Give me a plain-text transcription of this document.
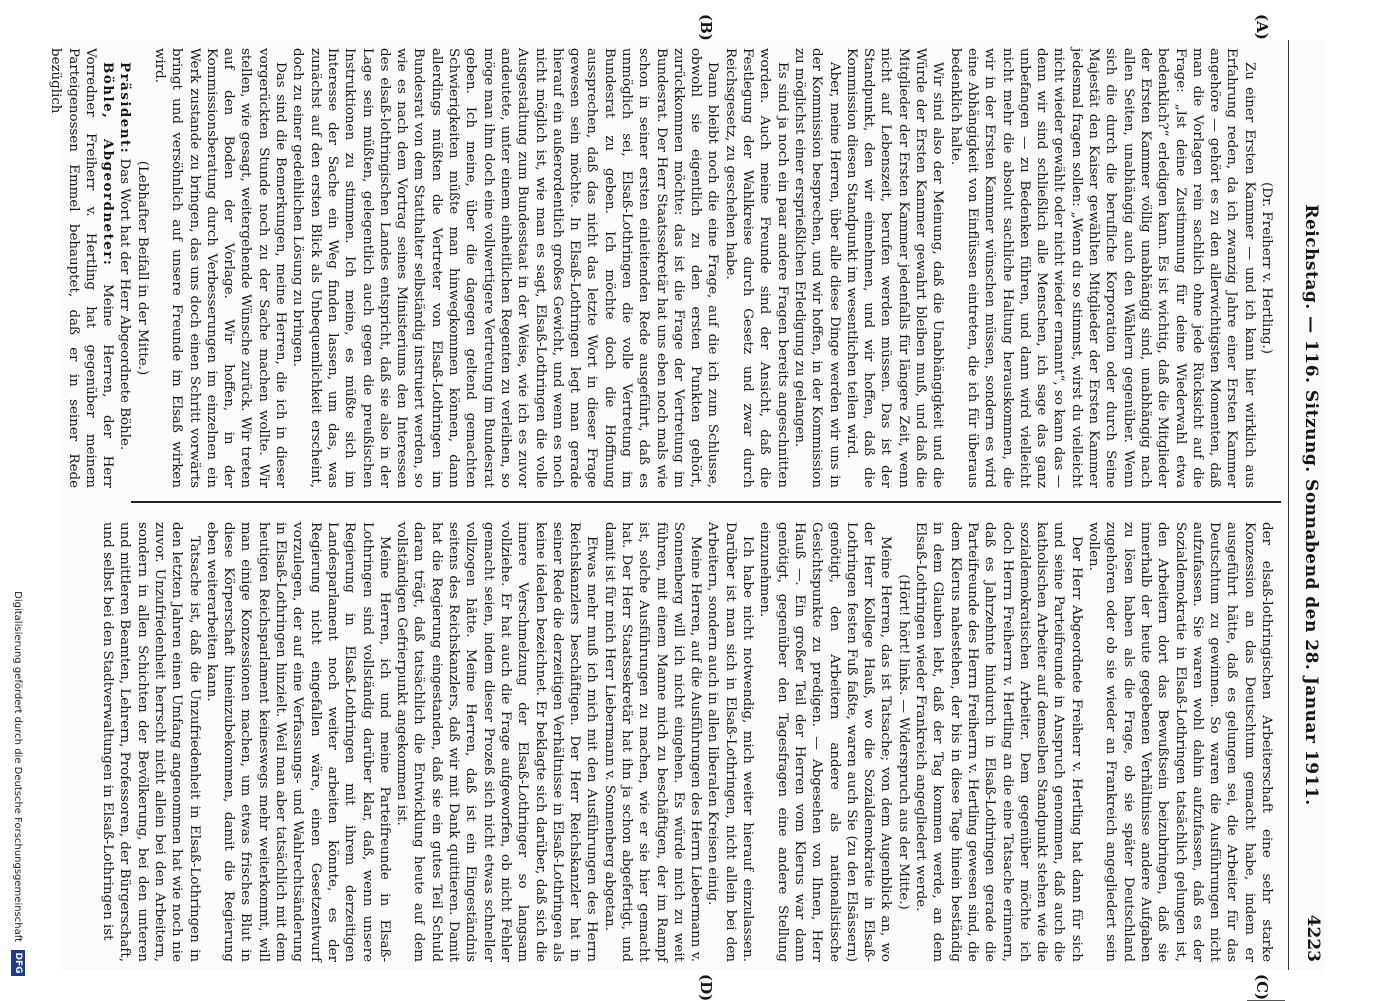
Reichstag. — 116. Sitzung. Sonnabend den 28. Januar 1911.
4223
(A)
(B)
(C)
(D)

(Dr. Freiherr v. Hertling.)

Zu einer Ersten Kammer — und ich kann hier wirklich aus Erfahrung reden, da ich zwanzig Jahre einer Ersten Kammer angehöre — gehört es zu den allerwichtigsten Momenten, daß man die Vorlagen rein sachlich ohne jede Rücksicht auf die Frage: „Ist deine Zustimmung für deine Wiederwahl etwa bedenklich?“ erledigen kann. Es ist wichtig, daß die Mitglieder der Ersten Kammer völlig unabhängig sind, unabhängig nach allen Seiten, unabhängig auch den Wählern gegenüber. Wenn sich die durch die berufliche Korporation oder durch Seine Majestät den Kaiser gewählten Mitglieder der Ersten Kammer jedesmal fragen sollen: „Wenn du so stimmst, wirst du vielleicht nicht wieder gewählt oder nicht wieder ernannt“, so kann das — denn wir sind schließlich alle Menschen, ich sage das ganz unbefangen — zu Bedenken führen, und dann wird vielleicht nicht mehr die absolut sachliche Haltung herauskommen, die wir in der Ersten Kammer wünschen müssen, sondern es wird eine Abhängigkeit von Einflüssen eintreten, die ich für überaus bedenklich halte.

Wir sind also der Meinung, daß die Unabhängigkeit und die Würde der Ersten Kammer gewahrt bleiben muß, und daß die Mitglieder der Ersten Kammer jedenfalls für längere Zeit, wenn nicht auf Lebenszeit, berufen werden müssen. Das ist der Standpunkt, den wir einnehmen, und wir hoffen, daß die Kommission diesen Standpunkt im wesentlichen teilen wird.

Aber, meine Herren, über alle diese Dinge werden wir uns in der Kommission besprechen, und wir hoffen, in der Kommission zu möglichst einer ersprießlichen Erledigung zu gelangen.

Es sind ja noch ein paar andere Fragen bereits angeschnitten worden. Auch meine Freunde sind der Ansicht, daß die Festlegung der Wahlkreise durch Gesetz und zwar durch Reichsgesetz, zu geschehen habe.

Dann bleibt noch die eine Frage, auf die ich zum Schlusse, obwohl sie eigentlich zu den ersten Punkten gehört, zurückkommen möchte: das ist die Frage der Vertretung im Bundesrat. Der Herr Staatssekretär hat uns eben noch mals wie schon in seiner ersten einleitenden Rede ausgeführt, daß es unmöglich sei, Elsaß-Lothringen die volle Vertretung im Bundesrat zu geben. Ich möchte doch die Hoffnung aussprechen, daß das nicht das letzte Wort in dieser Frage gewesen sein möchte. In Elsaß-Lothringen legt man gerade hierauf ein außerordentlich großes Gewicht, und wenn es noch nicht möglich ist, wie man es sagt, Elsaß-Lothringen die volle Ausgestaltung zum Bundesstaat in der Weise, wie ich es zuvor andeutete, unter einem einheitlichen Regenten zu verleihen, so möge man ihm doch eine vollwertigere Vertretung im Bundesrat geben. Ich meine, über die dagegen geltend gemachten Schwierigkeiten müßte man hinwegkommen können, dann allerdings müßten die Vertreter von Elsaß-Lothringen im Bundesrat von dem Statthalter selbständig instruiert werden, so wie es nach dem Vortrag seines Ministeriums den Interessen des elsaß-lothringischen Landes entspricht, daß sie also in der Lage sein müßten, gelegentlich auch gegen die preußischen Instruktionen zu stimmen. Ich meine, es müßte sich im Interesse der Sache ein Weg finden lassen, um das, was zunächst auf den ersten Blick als Unbequemlichkeit erscheint, doch zu einer gedeihlichen Lösung zu bringen.

Das sind die Bemerkungen, meine Herren, die ich in dieser vorgerückten Stunde noch zu der Sache machen wollte. Wir stellen, wie gesagt, weitergehende Wünsche zurück. Wir treten auf den Boden der Vorlage. Wir hoffen, in der Kommissionsberatung durch Verbesserungen im einzelnen ein Werk zustande zu bringen, das uns doch einen Schritt vorwärts bringt und versöhnlich auf unsere Freunde im Elsaß wirken wird.

(Lebhafter Beifall in der Mitte.)

Präsident: Das Wort hat der Herr Abgeordnete Böhle.

Böhle, Abgeordneter: Meine Herren, der Herr Vorredner Freiherr v. Hertling hat gegenüber meinem Parteigenossen Emmel behauptet, daß er in seiner Rede bezüglich

der elsaß-lothringischen Arbeiterschaft eine sehr starke Konzession an das Deutschtum gemacht habe, indem er ausgeführt hätte, daß es gelungen sei, die Arbeiter für das Deutschtum zu gewinnen. So waren die Ausführungen nicht aufzufassen. Sie waren wohl dahin aufzufassen, daß es der Sozialdemokratie in Elsaß-Lothringen tatsächlich gelungen ist, den Arbeitern dort das Bewußtsein beizubringen, daß sie innerhalb der heute gegebenen Verhältnisse andere Aufgaben zu lösen haben als die Frage, ob sie später Deutschland zugehören oder ob sie wieder an Frankreich angegliedert sein wollen.

Der Herr Abgeordnete Freiherr v. Hertling hat dann für sich und seine Parteifreunde in Anspruch genommen, daß auch die katholischen Arbeiter auf demselben Standpunkt stehen wie die sozialdemokratischen Arbeiter. Dem gegenüber möchte ich doch Herrn Freiherrn v. Hertling an die eine Tatsache erinnern, daß es Jahrzehnte hindurch in Elsaß-Lothringen gerade die Parteifreunde des Herrn Freiherrn v. Hertling gewesen sind, die dem Klerus nahestehen, der bis in diese Tage hinein beständig in dem Glauben lebt, daß der Tag kommen werde, an dem Elsaß-Lothringen wieder Frankreich angegliedert werde.

(Hört! hört! links. — Widerspruch aus der Mitte.)

Meine Herren, das ist Tatsache; von dem Augenblick an, wo der Herr Kollege Hauß, wo die Sozialdemokratie in Elsaß-Lothringen festen Fuß faßte, waren auch Sie (zu den Elsässern) genötigt, den Arbeitern andere als nationalistische Gesichtspunkte zu predigen. — Abgesehen von Ihnen, Herr Hauß —. Ein großer Teil der Herren vom Klerus war dann genötigt, gegenüber den Tagesfragen eine andere Stellung einzunehmen.

Ich habe nicht notwendig, mich weiter hierauf einzulassen. Darüber ist man sich in Elsaß-Lothringen, nicht allein bei den Arbeitern, sondern auch in allen liberalen Kreisen einig.

Meine Herren, auf die Ausführungen des Herrn Liebermann v. Sonnenberg will ich nicht eingehen. Es würde mich zu weit führen, mit einem Manne mich zu beschäftigen, der im Rampf ist, solche Ausführungen zu machen, wie er sie hier gemacht hat. Der Herr Staatssekretär hat ihn ja schon abgefertigt, und damit ist für mich Herr Liebermann v. Sonnenberg abgetan.

Etwas mehr muß ich mich mit den Ausführungen des Herrn Reichskanzlers beschäftigen. Der Herr Reichskanzler hat in seiner Rede die derzeitigen Verhältnisse in Elsaß-Lothringen als keine idealen bezeichnet. Er beklagte sich darüber, daß sich die innere Verschmelzung der Elsaß-Lothringer so langsam vollziehe. Er hat auch die Frage aufgeworfen, ob nicht Fehler gemacht seien, indem dieser Prozeß sich nicht etwas schneller vollzogen hätte. Meine Herren, daß ist ein Eingeständnis seitens des Reichskanzlers, daß wir mit Dank quittieren. Damit hat die Regierung eingestanden, daß sie ein gutes Teil Schuld daran trägt, daß tatsächlich die Entwicklung heute auf dem vollständigen Gefrierpunkt angekommen ist.

Meine Herren, ich und meine Parteifreunde in Elsaß-Lothringen sind vollständig darüber klar, daß, wenn unsere Regierung in Elsaß-Lothringen mit ihrem derzeitigen Landesparlament noch weiter arbeiten könnte, es der Regierung nicht eingefallen wäre, einen Gesetzentwurf vorzulegen, der auf eine Verfassungs- und Wahlrechtsänderung in Elsaß-Lothringen hinzielt. Weil man aber tatsächlich mit dem heutigen Reichsparlament keineswegs mehr weiterkommt, will man einige Konzessionen machen, um etwas frisches Blut in diese Körperschaft hineinzubekommen, damit die Regierung eben weiterarbeiten kann.

Tatsache ist, daß die Unzufriedenheit in Elsaß-Lothringen in den letzten Jahren einen Umfang angenommen hat wie noch nie zuvor. Unzufriedenheit herrscht nicht allein bei den Arbeitern, sondern in allen Schichten der Bevölkerung, bei den unteren und mittleren Beamten, Lehrern, Professoren, der Bürgerschaft, und selbst bei den Stadtverwaltungen in Elsaß-Lothringen ist

Digitalisierung gefördert durch die Deutsche Forschungsgemeinschaft
DFG
